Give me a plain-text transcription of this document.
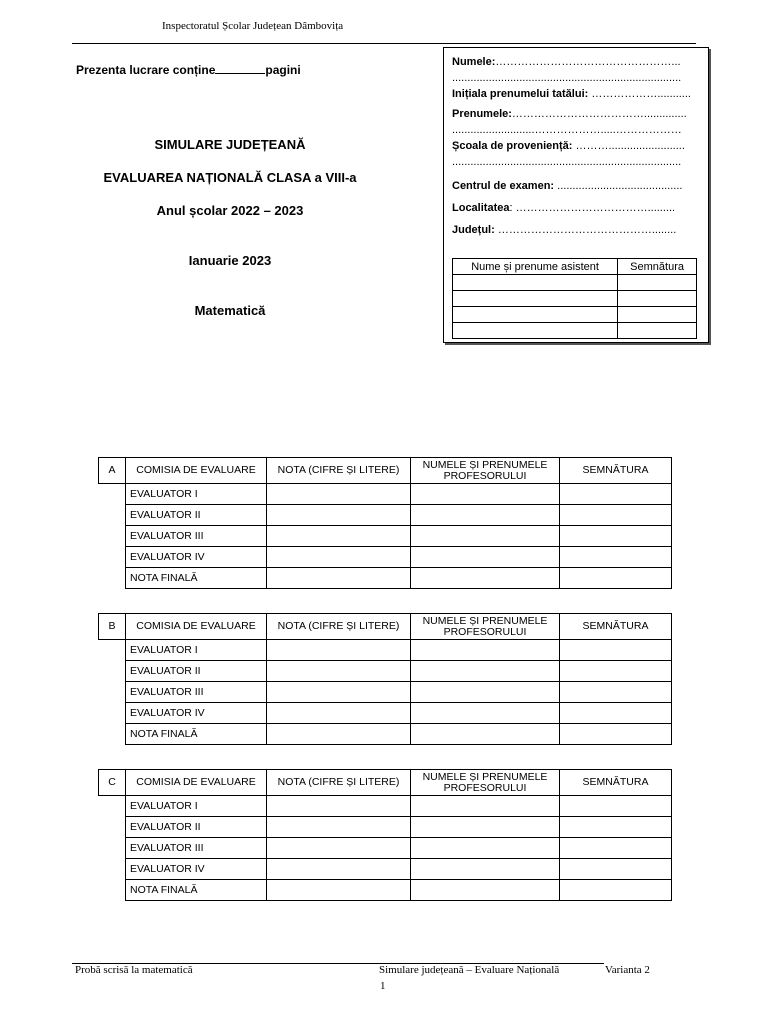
Inspectoratul Școlar Județean Dâmbovița
Prezenta lucrare conține	pagini
SIMULARE JUDEȚEANĂ
EVALUAREA NAȚIONALĂ CLASA a VIII-a
Anul școlar 2022 – 2023
Ianuarie 2023
Matematică
Numele:…………………………………………...
...........................................................................
Inițiala prenumelui tatălui: ………………...........
Prenumele:………………………………..............
...........................……………….....………………
Școala de proveniență: ……….........................
...........................................................................
Centrul de examen: .........................................
Localitatea: ……………………………….........
Județul: ……………………………………........
Nume și prenume asistent	Semnătura

A	COMISIA DE EVALUARE	NOTA (CIFRE ȘI LITERE)	NUMELE ȘI PRENUMELE
PROFESORULUI	SEMNĂTURA
	EVALUATOR I			
	EVALUATOR II			
	EVALUATOR III			
	EVALUATOR IV			
	NOTA FINALĂ			
B	COMISIA DE EVALUARE	NOTA (CIFRE ȘI LITERE)	NUMELE ȘI PRENUMELE
PROFESORULUI	SEMNĂTURA
	EVALUATOR I			
	EVALUATOR II			
	EVALUATOR III			
	EVALUATOR IV			
	NOTA FINALĂ			
C	COMISIA DE EVALUARE	NOTA (CIFRE ȘI LITERE)	NUMELE ȘI PRENUMELE
PROFESORULUI	SEMNĂTURA
	EVALUATOR I			
	EVALUATOR II			
	EVALUATOR III			
	EVALUATOR IV			
	NOTA FINALĂ			
Probă scrisă la matematică	Simulare județeană – Evaluare Națională
1
Varianta 2
